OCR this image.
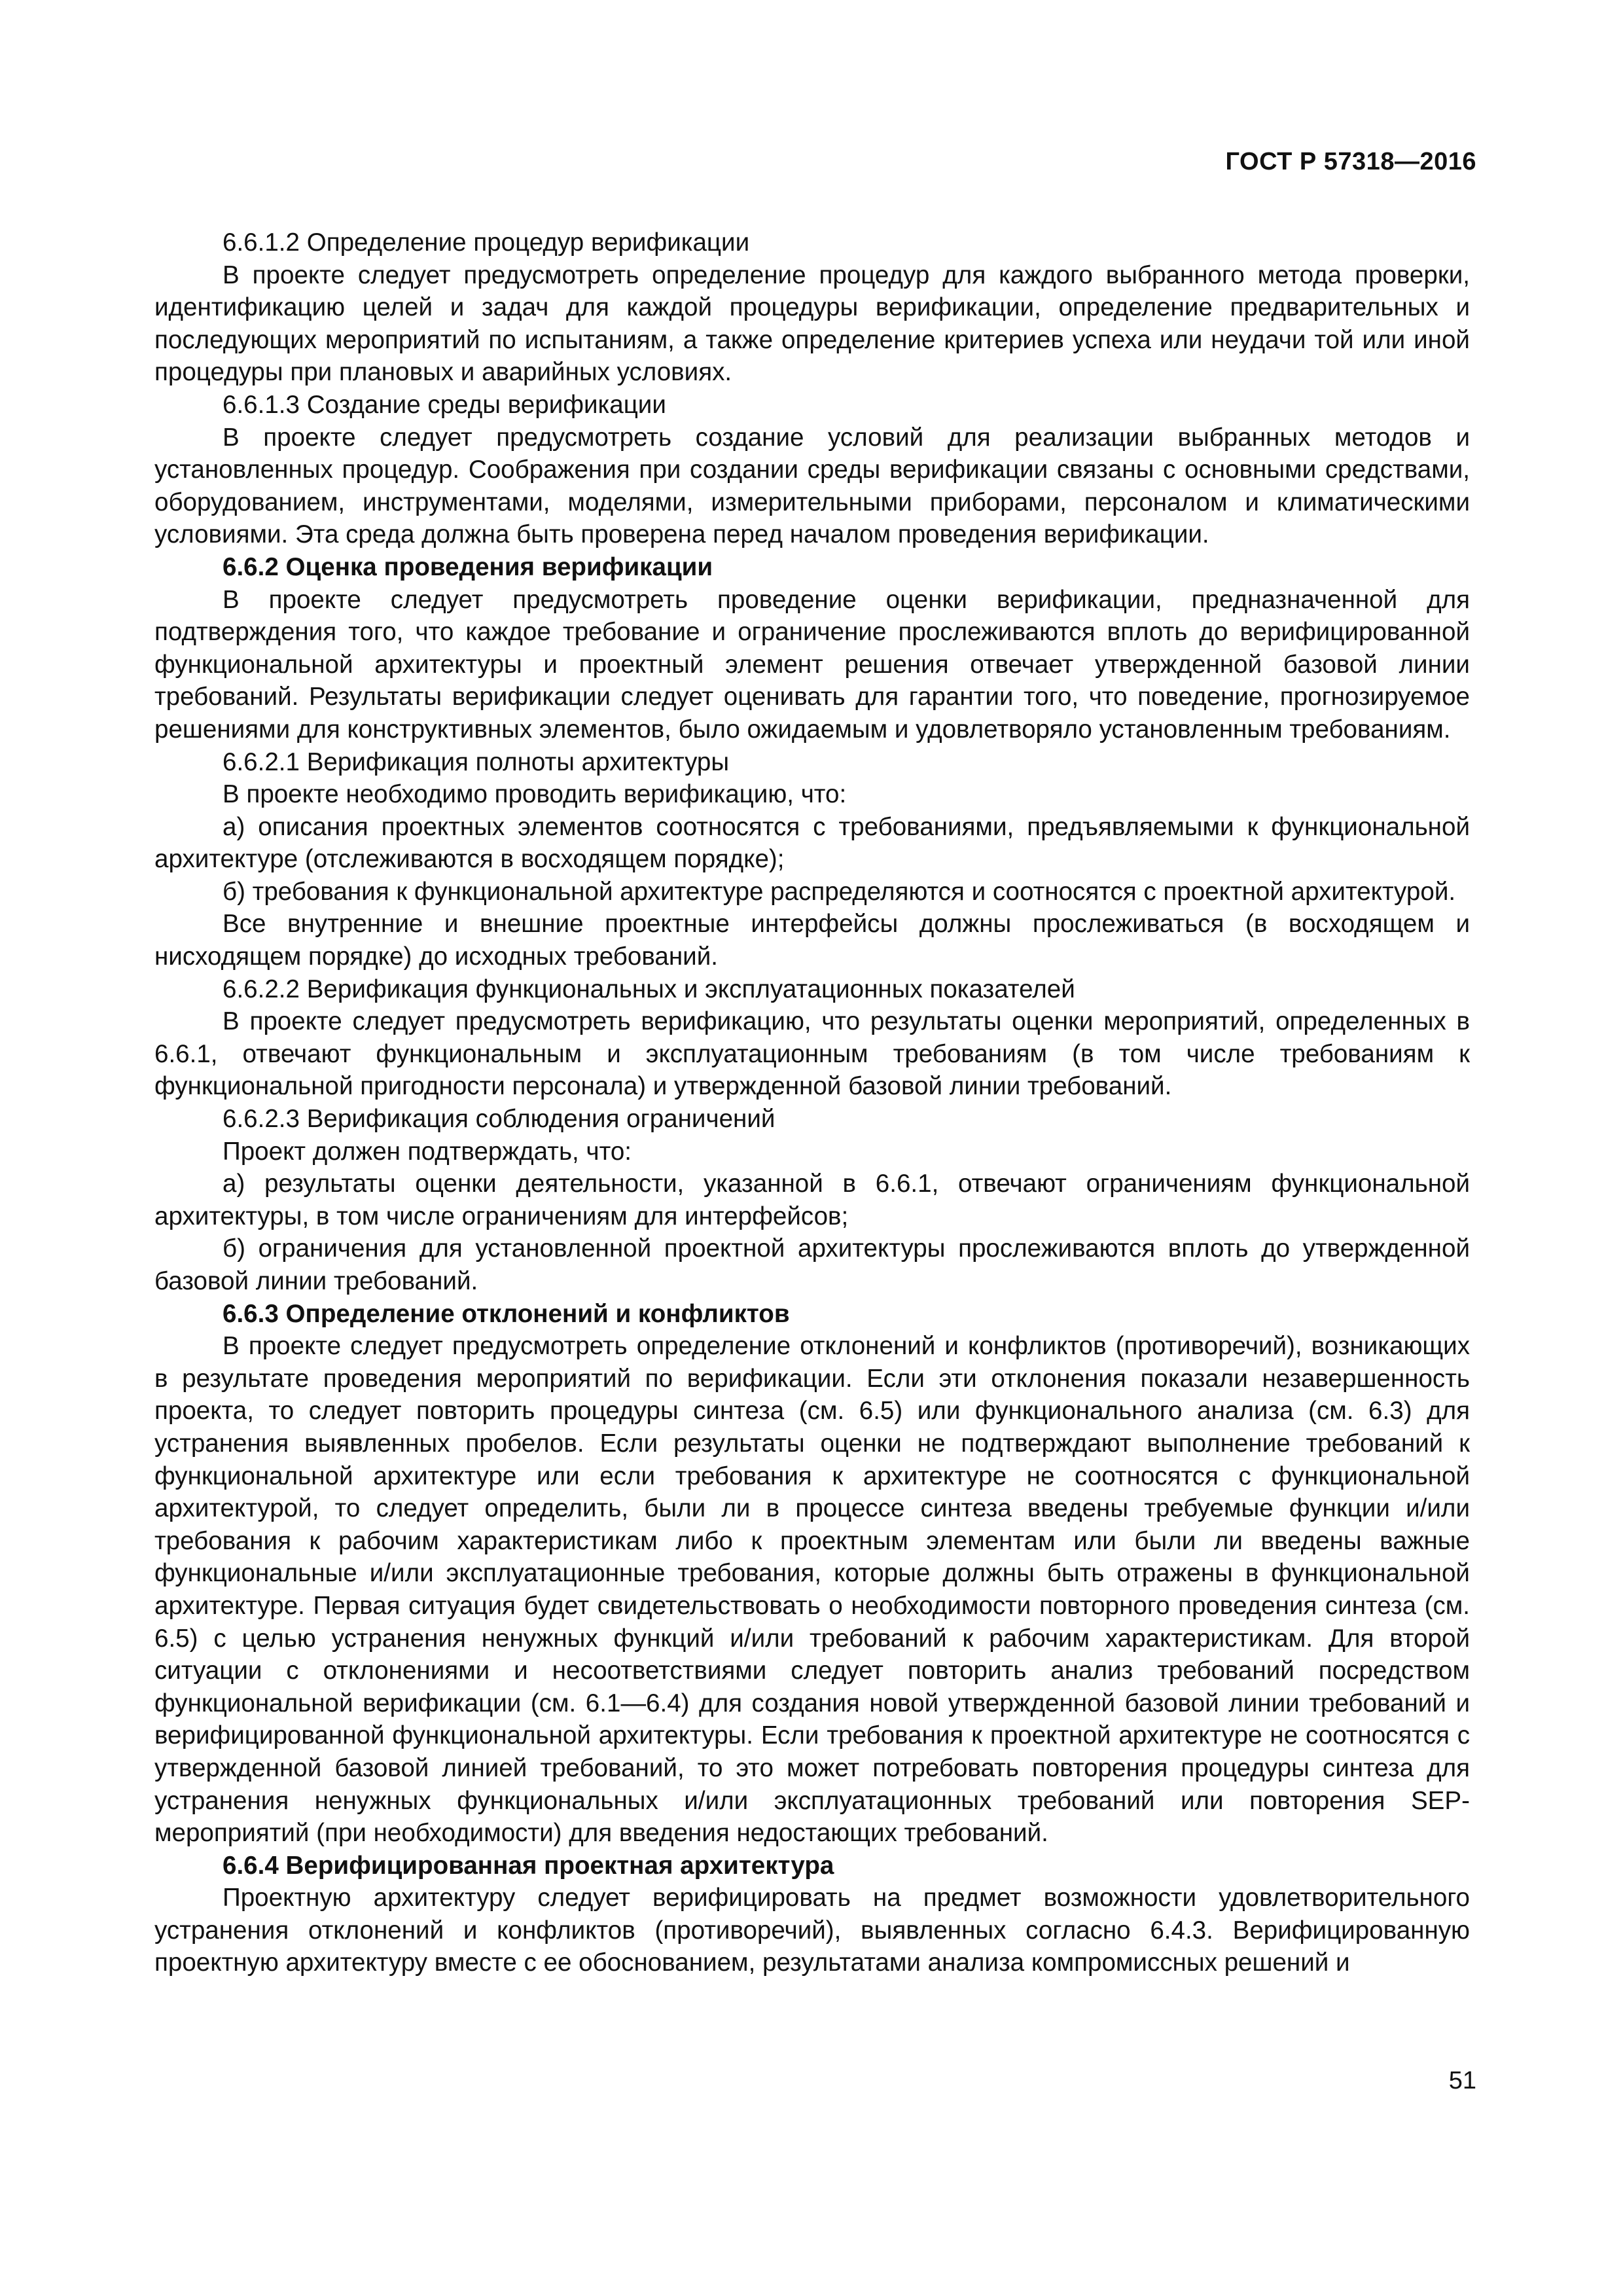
ГОСТ Р 57318—2016

6.6.1.2 Определение процедур верификации

В проекте следует предусмотреть определение процедур для каждого выбранного метода проверки, идентификацию целей и задач для каждой процедуры верификации, определение предварительных и последующих мероприятий по испытаниям, а также определение критериев успеха или неудачи той или иной процедуры при плановых и аварийных условиях.

6.6.1.3 Создание среды верификации

В проекте следует предусмотреть создание условий для реализации выбранных методов и установленных процедур. Соображения при создании среды верификации связаны с основными средствами, оборудованием, инструментами, моделями, измерительными приборами, персоналом и климатическими условиями. Эта среда должна быть проверена перед началом проведения верификации.

6.6.2 Оценка проведения верификации

В проекте следует предусмотреть проведение оценки верификации, предназначенной для подтверждения того, что каждое требование и ограничение прослеживаются вплоть до верифицированной функциональной архитектуры и проектный элемент решения отвечает утвержденной базовой линии требований. Результаты верификации следует оценивать для гарантии того, что поведение, прогнозируемое решениями для конструктивных элементов, было ожидаемым и удовлетворяло установленным требованиям.

6.6.2.1 Верификация полноты архитектуры

В проекте необходимо проводить верификацию, что:

а) описания проектных элементов соотносятся с требованиями, предъявляемыми к функциональной архитектуре (отслеживаются в восходящем порядке);

б) требования к функциональной архитектуре распределяются и соотносятся с проектной архитектурой.

Все внутренние и внешние проектные интерфейсы должны прослеживаться (в восходящем и нисходящем порядке) до исходных требований.

6.6.2.2 Верификация функциональных и эксплуатационных показателей

В проекте следует предусмотреть верификацию, что результаты оценки мероприятий, определенных в 6.6.1, отвечают функциональным и эксплуатационным требованиям (в том числе требованиям к функциональной пригодности персонала) и утвержденной базовой линии требований.

6.6.2.3 Верификация соблюдения ограничений

Проект должен подтверждать, что:

а) результаты оценки деятельности, указанной в 6.6.1, отвечают ограничениям функциональной архитектуры, в том числе ограничениям для интерфейсов;

б) ограничения для установленной проектной архитектуры прослеживаются вплоть до утвержденной базовой линии требований.

6.6.3 Определение отклонений и конфликтов

В проекте следует предусмотреть определение отклонений и конфликтов (противоречий), возникающих в результате проведения мероприятий по верификации. Если эти отклонения показали незавершенность проекта, то следует повторить процедуры синтеза (см. 6.5) или функционального анализа (см. 6.3) для устранения выявленных пробелов. Если результаты оценки не подтверждают выполнение требований к функциональной архитектуре или если требования к архитектуре не соотносятся с функциональной архитектурой, то следует определить, были ли в процессе синтеза введены требуемые функции и/или требования к рабочим характеристикам либо к проектным элементам или были ли введены важные функциональные и/или эксплуатационные требования, которые должны быть отражены в функциональной архитектуре. Первая ситуация будет свидетельствовать о необходимости повторного проведения синтеза (см. 6.5) с целью устранения ненужных функций и/или требований к рабочим характеристикам. Для второй ситуации с отклонениями и несоответствиями следует повторить анализ требований посредством функциональной верификации (см. 6.1—6.4) для создания новой утвержденной базовой линии требований и верифицированной функциональной архитектуры. Если требования к проектной архитектуре не соотносятся с утвержденной базовой линией требований, то это может потребовать повторения процедуры синтеза для устранения ненужных функциональных и/или эксплуатационных требований или повторения SEP-мероприятий (при необходимости) для введения недостающих требований.

6.6.4 Верифицированная проектная архитектура

Проектную архитектуру следует верифицировать на предмет возможности удовлетворительного устранения отклонений и конфликтов (противоречий), выявленных согласно 6.4.3. Верифицированную проектную архитектуру вместе с ее обоснованием, результатами анализа компромиссных решений и

51
